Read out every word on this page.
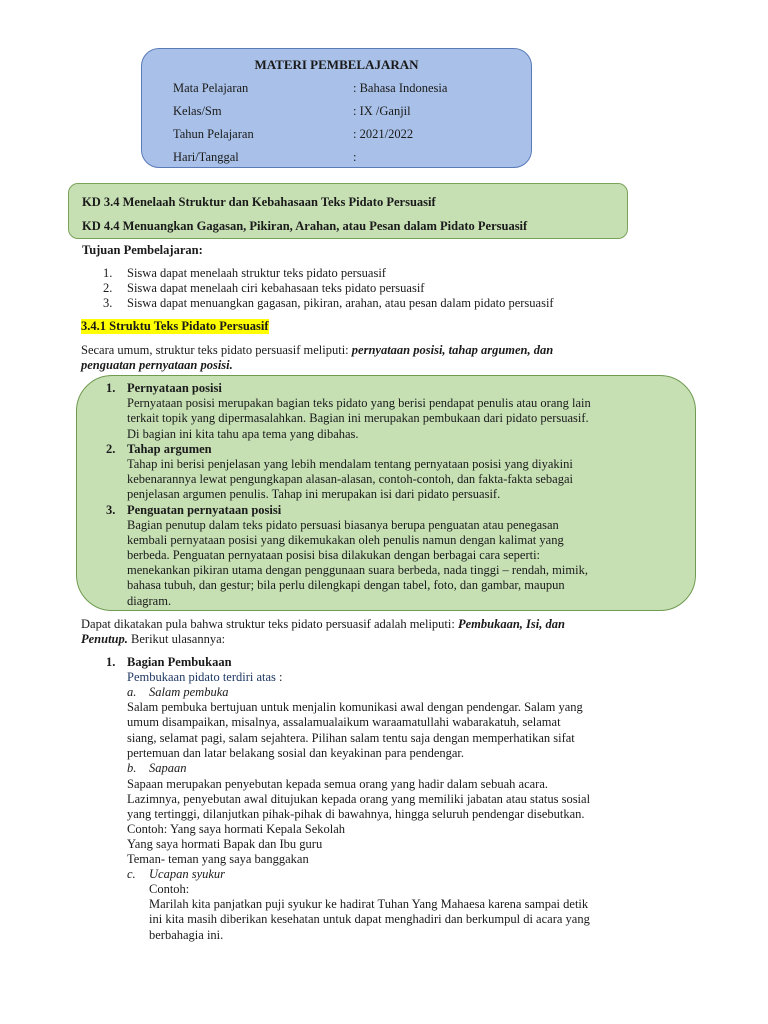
MATERI PEMBELAJARAN
Mata Pelajaran	: Bahasa Indonesia
Kelas/Sm	: IX /Ganjil
Tahun Pelajaran	: 2021/2022
Hari/Tanggal	:
KD 3.4 Menelaah Struktur dan Kebahasaan Teks Pidato Persuasif
KD 4.4 Menuangkan Gagasan, Pikiran, Arahan, atau Pesan dalam Pidato Persuasif
Tujuan Pembelajaran:
1. Siswa dapat menelaah struktur teks pidato persuasif
2. Siswa dapat menelaah ciri kebahasaan teks pidato persuasif
3. Siswa dapat menuangkan gagasan, pikiran, arahan, atau pesan dalam pidato persuasif
3.4.1 Struktu Teks Pidato Persuasif
Secara umum, struktur teks pidato persuasif meliputi: pernyataan posisi, tahap argumen, dan
penguatan pernyataan posisi.
1. Pernyataan posisi
Pernyataan posisi merupakan bagian teks pidato yang berisi pendapat penulis atau orang lain
terkait topik yang dipermasalahkan. Bagian ini merupakan pembukaan dari pidato persuasif.
Di bagian ini kita tahu apa tema yang dibahas.
2. Tahap argumen
Tahap ini berisi penjelasan yang lebih mendalam tentang pernyataan posisi yang diyakini
kebenarannya lewat pengungkapan alasan-alasan, contoh-contoh, dan fakta-fakta sebagai
penjelasan argumen penulis. Tahap ini merupakan isi dari pidato persuasif.
3. Penguatan pernyataan posisi
Bagian penutup dalam teks pidato persuasi biasanya berupa penguatan atau penegasan
kembali pernyataan posisi yang dikemukakan oleh penulis namun dengan kalimat yang
berbeda. Penguatan pernyataan posisi bisa dilakukan dengan berbagai cara seperti:
menekankan pikiran utama dengan penggunaan suara berbeda, nada tinggi – rendah, mimik,
bahasa tubuh, dan gestur; bila perlu dilengkapi dengan tabel, foto, dan gambar, maupun
diagram.
Dapat dikatakan pula bahwa struktur teks pidato persuasif adalah meliputi: Pembukaan, Isi, dan
Penutup. Berikut ulasannya:
1. Bagian Pembukaan
Pembukaan pidato terdiri atas :
a. Salam pembuka
Salam pembuka bertujuan untuk menjalin komunikasi awal dengan pendengar. Salam yang
umum disampaikan, misalnya, assalamualaikum waraamatullahi wabarakatuh, selamat
siang, selamat pagi, salam sejahtera. Pilihan salam tentu saja dengan memperhatikan sifat
pertemuan dan latar belakang sosial dan keyakinan para pendengar.
b. Sapaan
Sapaan merupakan penyebutan kepada semua orang yang hadir dalam sebuah acara.
Lazimnya, penyebutan awal ditujukan kepada orang yang memiliki jabatan atau status sosial
yang tertinggi, dilanjutkan pihak-pihak di bawahnya, hingga seluruh pendengar disebutkan.
Contoh: Yang saya hormati Kepala Sekolah
Yang saya hormati Bapak dan Ibu guru
Teman- teman yang saya banggakan
c. Ucapan syukur
Contoh:
Marilah kita panjatkan puji syukur ke hadirat Tuhan Yang Mahaesa karena sampai detik
ini kita masih diberikan kesehatan untuk dapat menghadiri dan berkumpul di acara yang
berbahagia ini.
